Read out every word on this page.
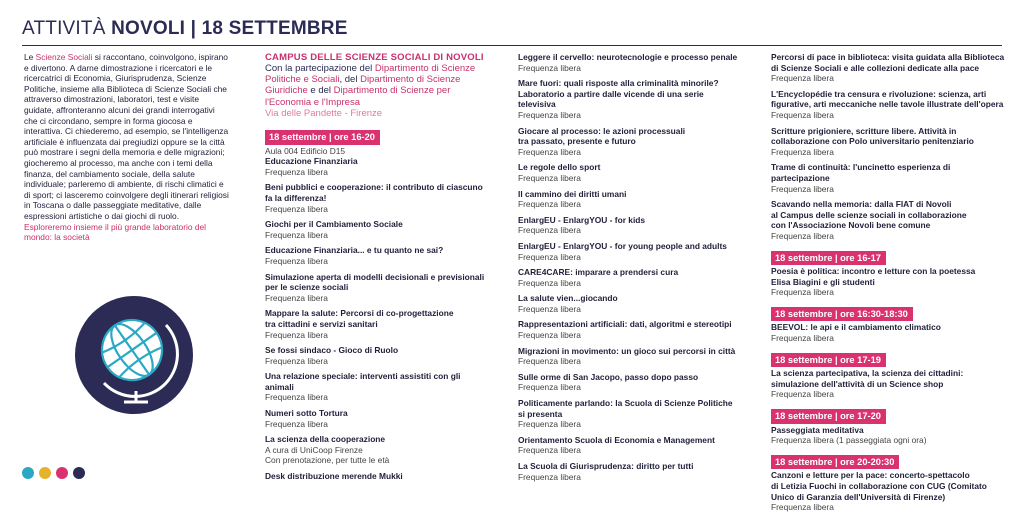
ATTIVITÀ NOVOLI | 18 SETTEMBRE

Le Scienze Sociali si raccontano, coinvolgono, ispirano e divertono. A darne dimostrazione i ricercatori e le ricercatrici di Economia, Giurisprudenza, Scienze Politiche, insieme alla Biblioteca di Scienze Sociali che attraverso dimostrazioni, laboratori, test e visite guidate, affronteranno alcuni dei grandi interrogativi che ci circondano, sempre in forma giocosa e interattiva. Ci chiederemo, ad esempio, se l'intelligenza artificiale è influenzata dai pregiudizi oppure se la città può mostrare i segni della memoria e delle migrazioni; giocheremo al processo, ma anche con i temi della finanza, del cambiamento sociale, della salute individuale; parleremo di ambiente, di rischi climatici e di sport; ci lasceremo coinvolgere degli itinerari religiosi in Toscana o dalle passeggiate meditative, dalle espressioni artistiche o dai giochi di ruolo.

Esploreremo insieme il più grande laboratorio del mondo: la società

CAMPUS DELLE SCIENZE SOCIALI DI NOVOLI
Con la partecipazione del Dipartimento di Scienze Politiche e Sociali, del Dipartimento di Scienze Giuridiche e del Dipartimento di Scienze per l'Economia e l'Impresa
Via delle Pandette - Firenze
18 settembre | ore 16-20
Aula 004 Edificio D15
Educazione Finanziaria
Frequenza libera
Beni pubblici e cooperazione: il contributo di ciascuno
fa la differenza!
Frequenza libera
Giochi per il Cambiamento Sociale
Frequenza libera
Educazione Finanziaria... e tu quanto ne sai?
Frequenza libera
Simulazione aperta di modelli decisionali e previsionali
per le scienze sociali
Frequenza libera
Mappare la salute: Percorsi di co-progettazione
tra cittadini e servizi sanitari
Frequenza libera
Se fossi sindaco - Gioco di Ruolo
Frequenza libera
Una relazione speciale: interventi assistiti con gli animali
Frequenza libera
Numeri sotto Tortura
Frequenza libera
La scienza della cooperazione
A cura di UniCoop Firenze
Con prenotazione, per tutte le età
Desk distribuzione merende Mukki
Leggere il cervello: neurotecnologie e processo penale
Frequenza libera
Mare fuori: quali risposte alla criminalità minorile?
Laboratorio a partire dalle vicende di una serie televisiva
Frequenza libera
Giocare al processo: le azioni processuali
tra passato, presente e futuro
Frequenza libera
Le regole dello sport
Frequenza libera
Il cammino dei diritti umani
Frequenza libera
EnlargEU - EnlargYOU - for kids
Frequenza libera
EnlargEU - EnlargYOU - for young people and adults
Frequenza libera
CARE4CARE: imparare a prendersi cura
Frequenza libera
La salute vien...giocando
Frequenza libera
Rappresentazioni artificiali: dati, algoritmi e stereotipi
Frequenza libera
Migrazioni in movimento: un gioco sui percorsi in città
Frequenza libera
Sulle orme di San Jacopo, passo dopo passo
Frequenza libera
Politicamente parlando: la Scuola di Scienze Politiche
si presenta
Frequenza libera
Orientamento Scuola di Economia e Management
Frequenza libera
La Scuola di Giurisprudenza: diritto per tutti
Frequenza libera
Percorsi di pace in biblioteca: visita guidata alla Biblioteca
di Scienze Sociali e alle collezioni dedicate alla pace
Frequenza libera
L'Encyclopédie tra censura e rivoluzione: scienza, arti
figurative, arti meccaniche nelle tavole illustrate dell'opera
Frequenza libera
Scritture prigioniere, scritture libere. Attività in
collaborazione con Polo universitario penitenziario
Frequenza libera
Trame di continuità: l'uncinetto esperienza di partecipazione
Frequenza libera
Scavando nella memoria: dalla FIAT di Novoli
al Campus delle scienze sociali in collaborazione
con l'Associazione Novoli bene comune
Frequenza libera
18 settembre | ore 16-17
Poesia è politica: incontro e letture con la poetessa
Elisa Biagini e gli studenti
Frequenza libera
18 settembre | ore 16:30-18:30
BEEVOL: le api e il cambiamento climatico
Frequenza libera
18 settembre | ore 17-19
La scienza partecipativa, la scienza dei cittadini:
simulazione dell'attività di un Science shop
Frequenza libera
18 settembre | ore 17-20
Passeggiata meditativa
Frequenza libera (1 passeggiata ogni ora)
18 settembre | ore 20-20:30
Canzoni e letture per la pace: concerto-spettacolo
di Letizia Fuochi in collaborazione con CUG (Comitato
Unico di Garanzia dell'Università di Firenze)
Frequenza libera
